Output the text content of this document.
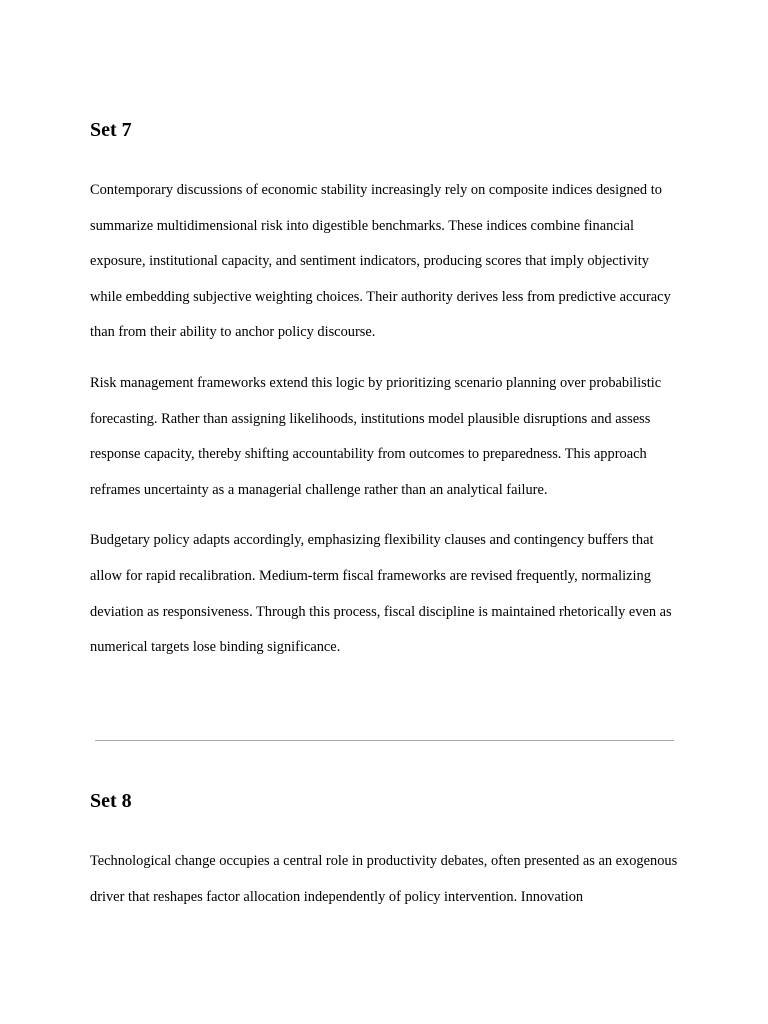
Set 7

Contemporary discussions of economic stability increasingly rely on composite indices designed to summarize multidimensional risk into digestible benchmarks. These indices combine financial exposure, institutional capacity, and sentiment indicators, producing scores that imply objectivity while embedding subjective weighting choices. Their authority derives less from predictive accuracy than from their ability to anchor policy discourse.

Risk management frameworks extend this logic by prioritizing scenario planning over probabilistic forecasting. Rather than assigning likelihoods, institutions model plausible disruptions and assess response capacity, thereby shifting accountability from outcomes to preparedness. This approach reframes uncertainty as a managerial challenge rather than an analytical failure.

Budgetary policy adapts accordingly, emphasizing flexibility clauses and contingency buffers that allow for rapid recalibration. Medium-term fiscal frameworks are revised frequently, normalizing deviation as responsiveness. Through this process, fiscal discipline is maintained rhetorically even as numerical targets lose binding significance.

Set 8

Technological change occupies a central role in productivity debates, often presented as an exogenous driver that reshapes factor allocation independently of policy intervention. Innovation
